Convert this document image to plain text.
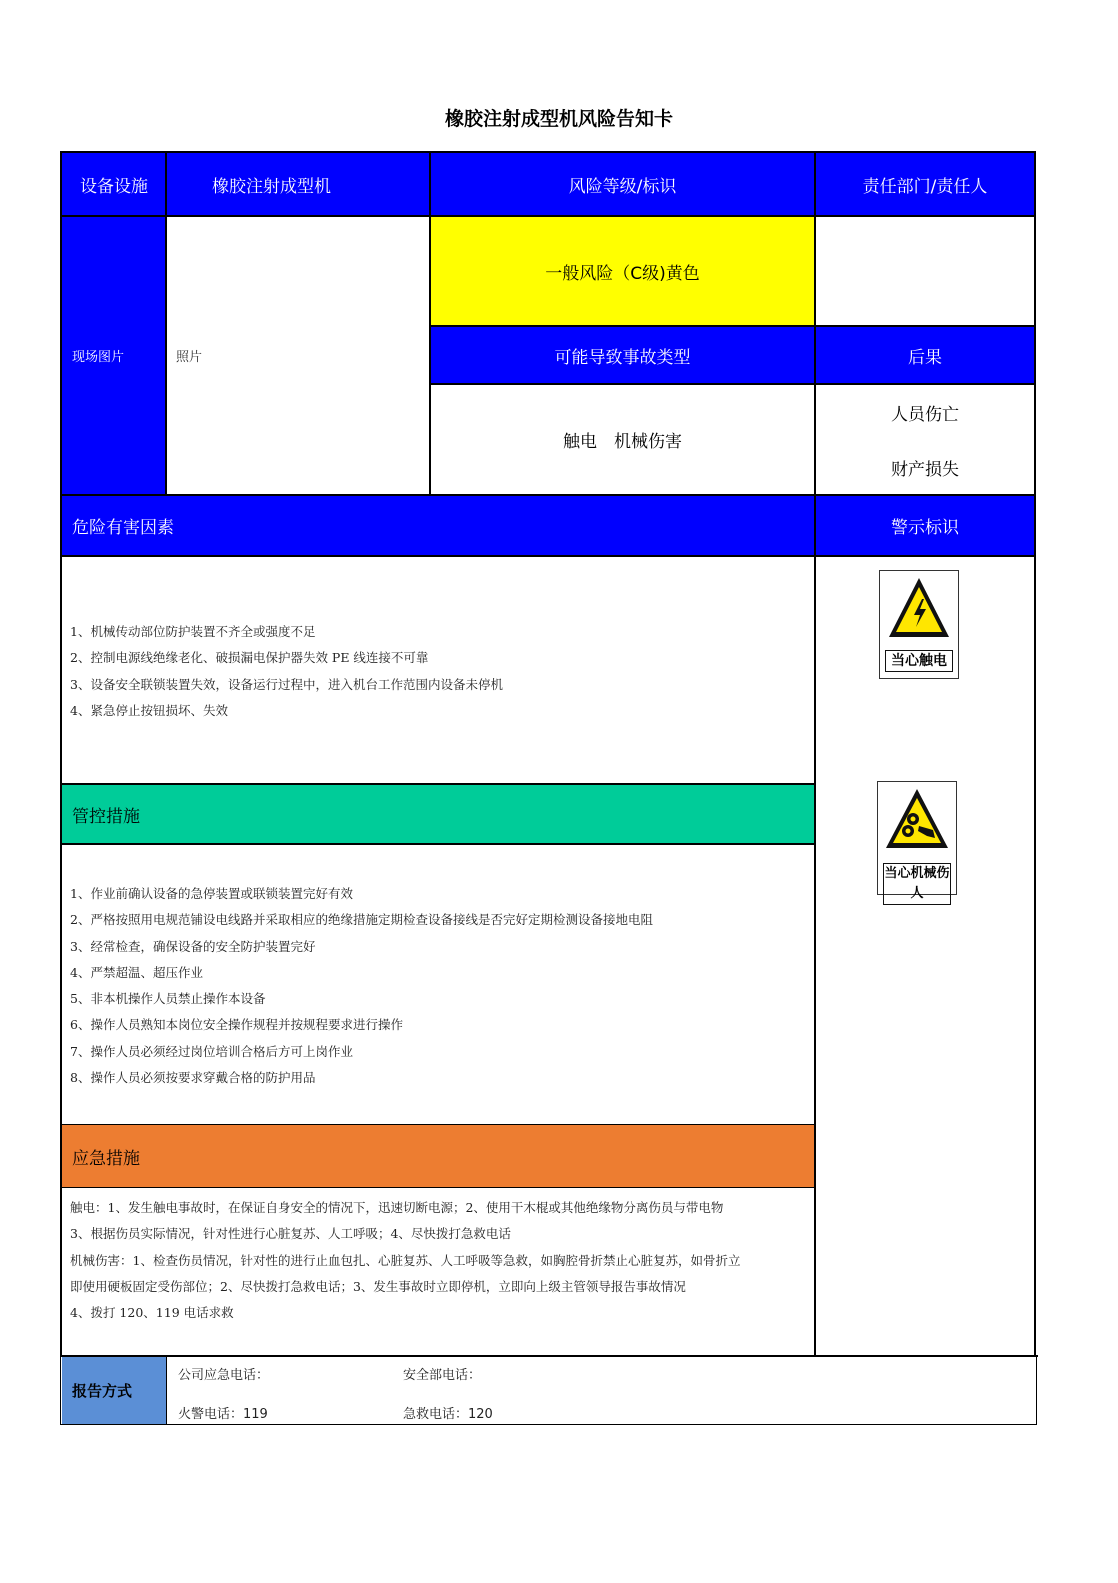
橡胶注射成型机风险告知卡
设备设施	橡胶注射成型机	风险等级/标识	责任部门/责任人
现场图片	照片
一般风险（C级)黄色
可能导致事故类型	后果
触电　机械伤害
人员伤亡
财产损失
危险有害因素	警示标识
1、机械传动部位防护装置不齐全或强度不足
2、控制电源线绝缘老化、破损漏电保护器失效 PE 线连接不可靠
3、设备安全联锁装置失效，设备运行过程中，进入机台工作范围内设备未停机
4、紧急停止按钮损坏、失效
管控措施
1、作业前确认设备的急停装置或联锁装置完好有效
2、严格按照用电规范铺设电线路并采取相应的绝缘措施定期检查设备接线是否完好定期检测设备接地电阻
3、经常检查，确保设备的安全防护装置完好
4、严禁超温、超压作业
5、非本机操作人员禁止操作本设备
6、操作人员熟知本岗位安全操作规程并按规程要求进行操作
7、操作人员必须经过岗位培训合格后方可上岗作业
8、操作人员必须按要求穿戴合格的防护用品
应急措施
触电：1、发生触电事故时，在保证自身安全的情况下，迅速切断电源；2、使用干木棍或其他绝缘物分离伤员与带电物
3、根据伤员实际情况，针对性进行心脏复苏、人工呼吸；4、尽快拨打急救电话
机械伤害：1、检查伤员情况，针对性的进行止血包扎、心脏复苏、人工呼吸等急救，如胸腔骨折禁止心脏复苏，如骨折立
即使用硬板固定受伤部位；2、尽快拨打急救电话；3、发生事故时立即停机，立即向上级主管领导报告事故情况
4、拨打 120、119 电话求救
当心触电
当心机械伤人
报告方式
公司应急电话：	安全部电话：
火警电话：119	急救电话：120
